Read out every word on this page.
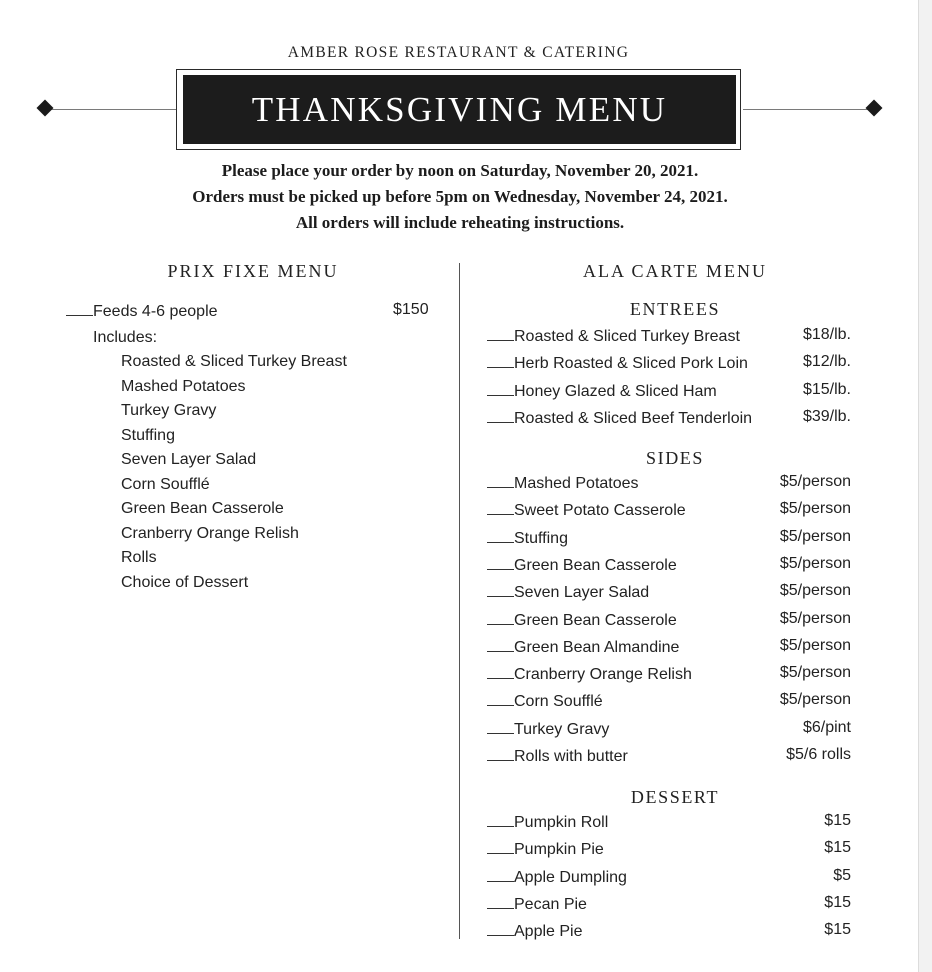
AMBER ROSE RESTAURANT & CATERING
THANKSGIVING MENU
Please place your order by noon on Saturday, November 20, 2021.
Orders must be picked up before 5pm on Wednesday, November 24, 2021.
All orders will include reheating instructions.
PRIX FIXE MENU
Feeds 4-6 people	$150
Includes:
Roasted & Sliced Turkey Breast
Mashed Potatoes
Turkey Gravy
Stuffing
Seven Layer Salad
Corn Soufflé
Green Bean Casserole
Cranberry Orange Relish
Rolls
Choice of Dessert
ALA CARTE MENU
ENTREES
Roasted & Sliced Turkey Breast	$18/lb.
Herb Roasted & Sliced Pork Loin	$12/lb.
Honey Glazed & Sliced Ham	$15/lb.
Roasted & Sliced Beef Tenderloin	$39/lb.
SIDES
Mashed Potatoes	$5/person
Sweet Potato Casserole	$5/person
Stuffing	$5/person
Green Bean Casserole	$5/person
Seven Layer Salad	$5/person
Green Bean Casserole	$5/person
Green Bean Almandine	$5/person
Cranberry Orange Relish	$5/person
Corn Soufflé	$5/person
Turkey Gravy	$6/pint
Rolls with butter	$5/6 rolls
DESSERT
Pumpkin Roll	$15
Pumpkin Pie	$15
Apple Dumpling	$5
Pecan Pie	$15
Apple Pie	$15
